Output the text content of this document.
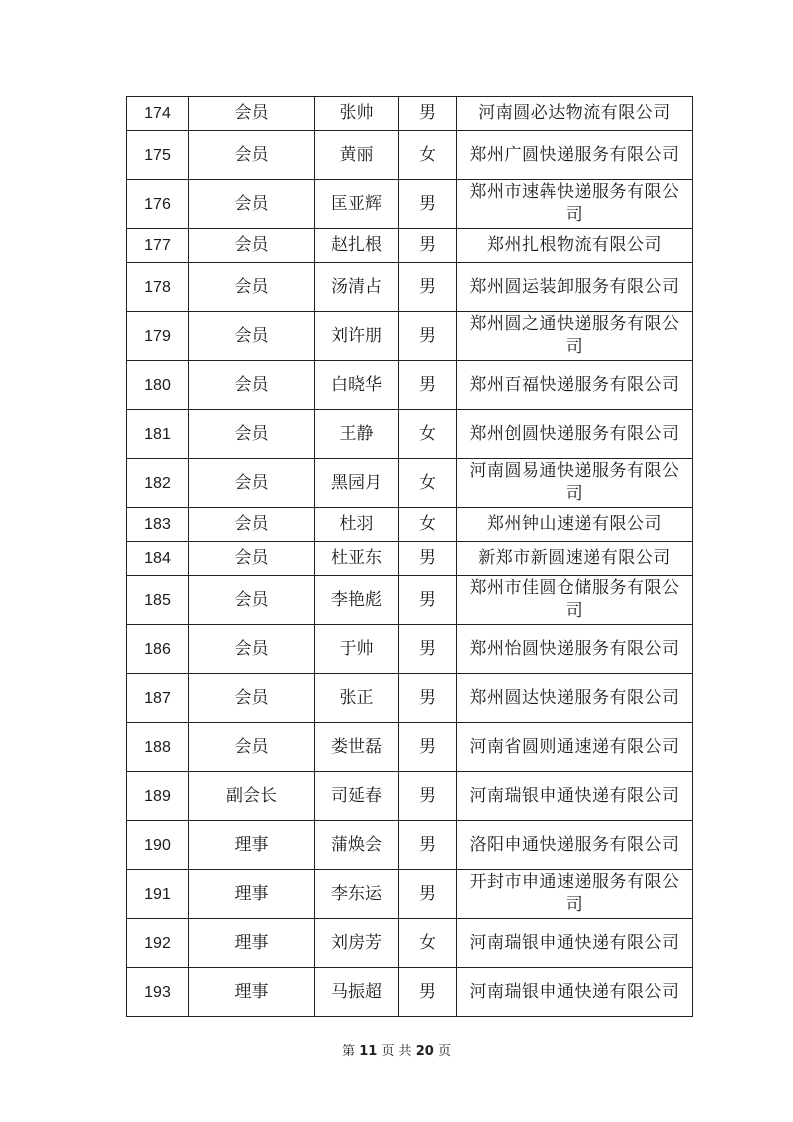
174	会员	张帅	男	河南圆必达物流有限公司
175	会员	黄丽	女	郑州广圆快递服务有限公司
176	会员	匡亚辉	男	郑州市速犇快递服务有限公司
177	会员	赵扎根	男	郑州扎根物流有限公司
178	会员	汤清占	男	郑州圆运装卸服务有限公司
179	会员	刘许朋	男	郑州圆之通快递服务有限公司
180	会员	白晓华	男	郑州百福快递服务有限公司
181	会员	王静	女	郑州创圆快递服务有限公司
182	会员	黑园月	女	河南圆易通快递服务有限公司
183	会员	杜羽	女	郑州钟山速递有限公司
184	会员	杜亚东	男	新郑市新圆速递有限公司
185	会员	李艳彪	男	郑州市佳圆仓储服务有限公司
186	会员	于帅	男	郑州怡圆快递服务有限公司
187	会员	张正	男	郑州圆达快递服务有限公司
188	会员	娄世磊	男	河南省圆则通速递有限公司
189	副会长	司延春	男	河南瑞银申通快递有限公司
190	理事	蒲焕会	男	洛阳申通快递服务有限公司
191	理事	李东运	男	开封市申通速递服务有限公司
192	理事	刘房芳	女	河南瑞银申通快递有限公司
193	理事	马振超	男	河南瑞银申通快递有限公司
第 11 页 共 20 页
